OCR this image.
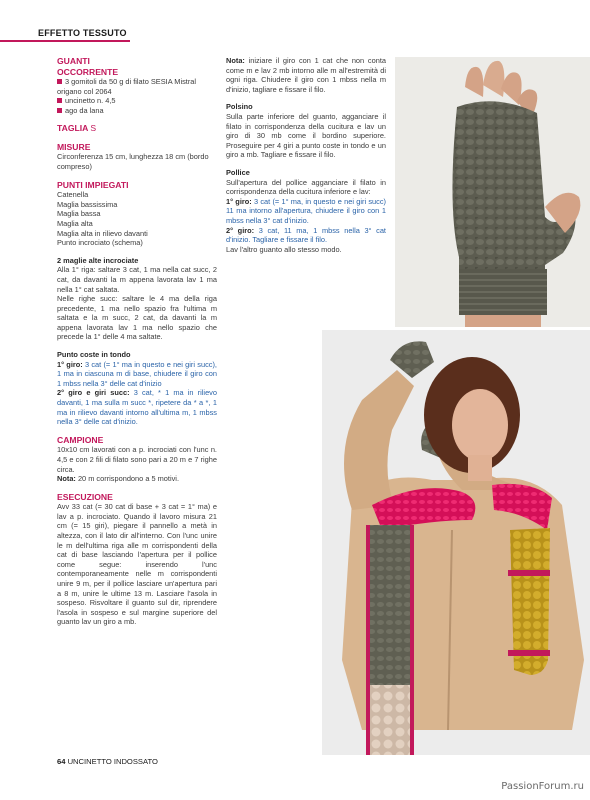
EFFETTO TESSUTO
GUANTI
OCCORRENTE
3 gomitoli da 50 g di filato SESIA Mistral origano col 2064
uncinetto n. 4,5
ago da lana
TAGLIA S
MISURE
Circonferenza 15 cm, lunghezza 18 cm (bordo compreso)
PUNTI IMPIEGATI
Catenella
Maglia bassissima
Maglia bassa
Maglia alta
Maglia alta in rilievo davanti
Punto incrociato (schema)
2 maglie alte incrociate
Alla 1° riga: saltare 3 cat, 1 ma nella cat succ, 2 cat, da davanti la m appena lavorata lav 1 ma nella 1° cat saltata.
Nelle righe succ: saltare le 4 ma della riga precedente, 1 ma nello spazio fra l'ultima m saltata e la m succ, 2 cat, da davanti la m appena lavorata lav 1 ma nello spazio che precede la 1° delle 4 ma saltate.
Punto coste in tondo
1° giro: 3 cat (= 1° ma in questo e nei giri succ), 1 ma in ciascuna m di base, chiudere il giro con 1 mbss nella 3° delle cat d'inizio
2° giro e giri succ: 3 cat, * 1 ma in rilievo davanti, 1 ma sulla m succ *, ripetere da * a *, 1 ma in rilievo davanti intorno all'ultima m, 1 mbss nella 3° delle cat d'inizio.
CAMPIONE
10x10 cm lavorati con a p. incrociati con l'unc n. 4,5 e con 2 fili di filato sono pari a 20 m e 7 righe circa.
Nota: 20 m corrispondono a 5 motivi.
ESECUZIONE
Avv 33 cat (= 30 cat di base + 3 cat = 1° ma) e lav a p. incrociato. Quando il lavoro misura 21 cm (= 15 giri), piegare il pannello a metà in altezza, con il lato dir all'interno. Con l'unc unire le m dell'ultima riga alle m corrispondenti della cat di base lasciando l'apertura per il pollice come segue: inserendo l'unc contemporaneamente nelle m corrispondenti unire 9 m, per il pollice lasciare un'apertura pari a 8 m, unire le ultime 13 m. Lasciare l'asola in sospeso. Risvoltare il guanto sul dir, riprendere l'asola in sospeso e sul margine superiore del guanto lav un giro a mb.
Nota: iniziare il giro con 1 cat che non conta come m e lav 2 mb intorno alle m all'estremità di ogni riga. Chiudere il giro con 1 mbss nella m d'inizio, tagliare e fissare il filo.
Polsino
Sulla parte inferiore del guanto, agganciare il filato in corrispondenza della cucitura e lav un giro di 30 mb come il bordino superiore. Proseguire per 4 giri a punto coste in tondo e un giro a mb. Tagliare e fissare il filo.
Pollice
Sull'apertura del pollice agganciare il filato in corrispondenza della cucitura inferiore e lav:
1° giro: 3 cat (= 1° ma, in questo e nei giri succ) 11 ma intorno all'apertura, chiudere il giro con 1 mbss nella 3° cat d'inizio.
2° giro: 3 cat, 11 ma, 1 mbss nella 3° cat d'inizio. Tagliare e fissare il filo.
Lav l'altro guanto allo stesso modo.
64 UNCINETTO INDOSSATO
PassionForum.ru
